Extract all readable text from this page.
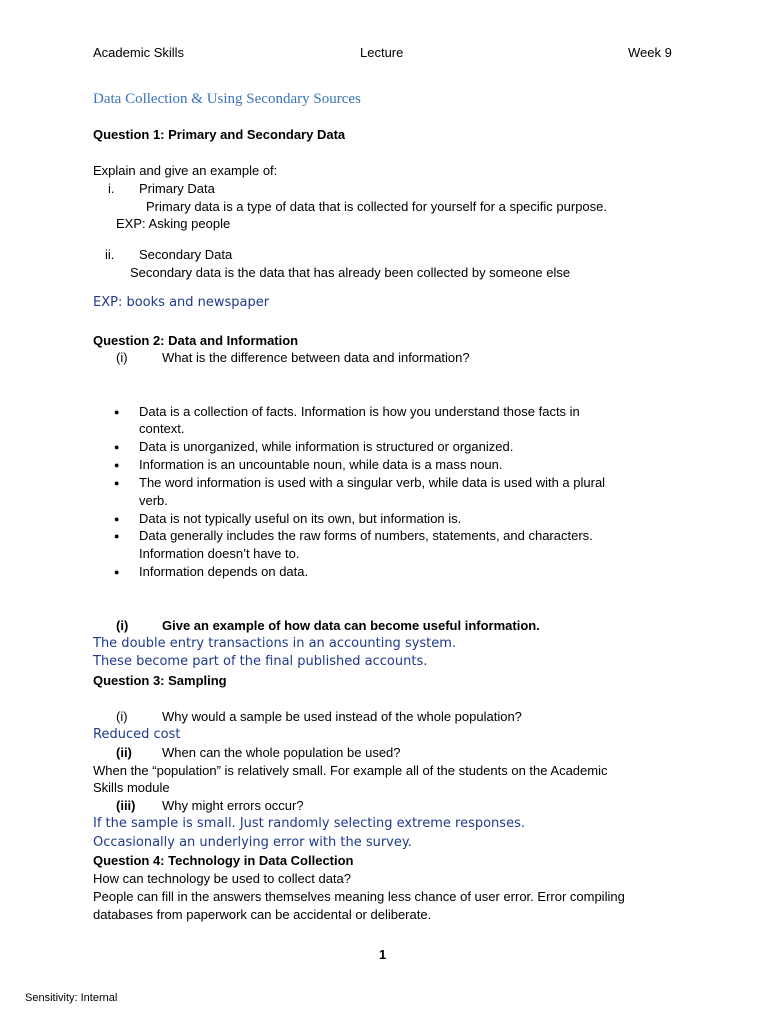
Academic Skills	Lecture	Week 9
Data Collection & Using Secondary Sources
Question 1: Primary and Secondary Data
Explain and give an example of:
i. Primary Data
Primary data is a type of data that is collected for yourself for a specific purpose.
EXP: Asking people
ii. Secondary Data
Secondary data is the data that has already been collected by someone else
EXP: books and newspaper
Question 2: Data and Information
(i)	What is the difference between data and information?
● Data is a collection of facts. Information is how you understand those facts in
context.
● Data is unorganized, while information is structured or organized.
● Information is an uncountable noun, while data is a mass noun.
● The word information is used with a singular verb, while data is used with a plural
verb.
● Data is not typically useful on its own, but information is.
● Data generally includes the raw forms of numbers, statements, and characters.
Information doesn’t have to.
● Information depends on data.
(i)	Give an example of how data can become useful information.
The double entry transactions in an accounting system.
These become part of the final published accounts.
Question 3: Sampling
(i)	Why would a sample be used instead of the whole population?
Reduced cost
(ii) When can the whole population be used?
When the “population” is relatively small. For example all of the students on the Academic
Skills module
(iii) Why might errors occur?
If the sample is small. Just randomly selecting extreme responses.
Occasionally an underlying error with the survey.
Question 4: Technology in Data Collection
How can technology be used to collect data?
People can fill in the answers themselves meaning less chance of user error. Error compiling
databases from paperwork can be accidental or deliberate.
1
Sensitivity: Internal
